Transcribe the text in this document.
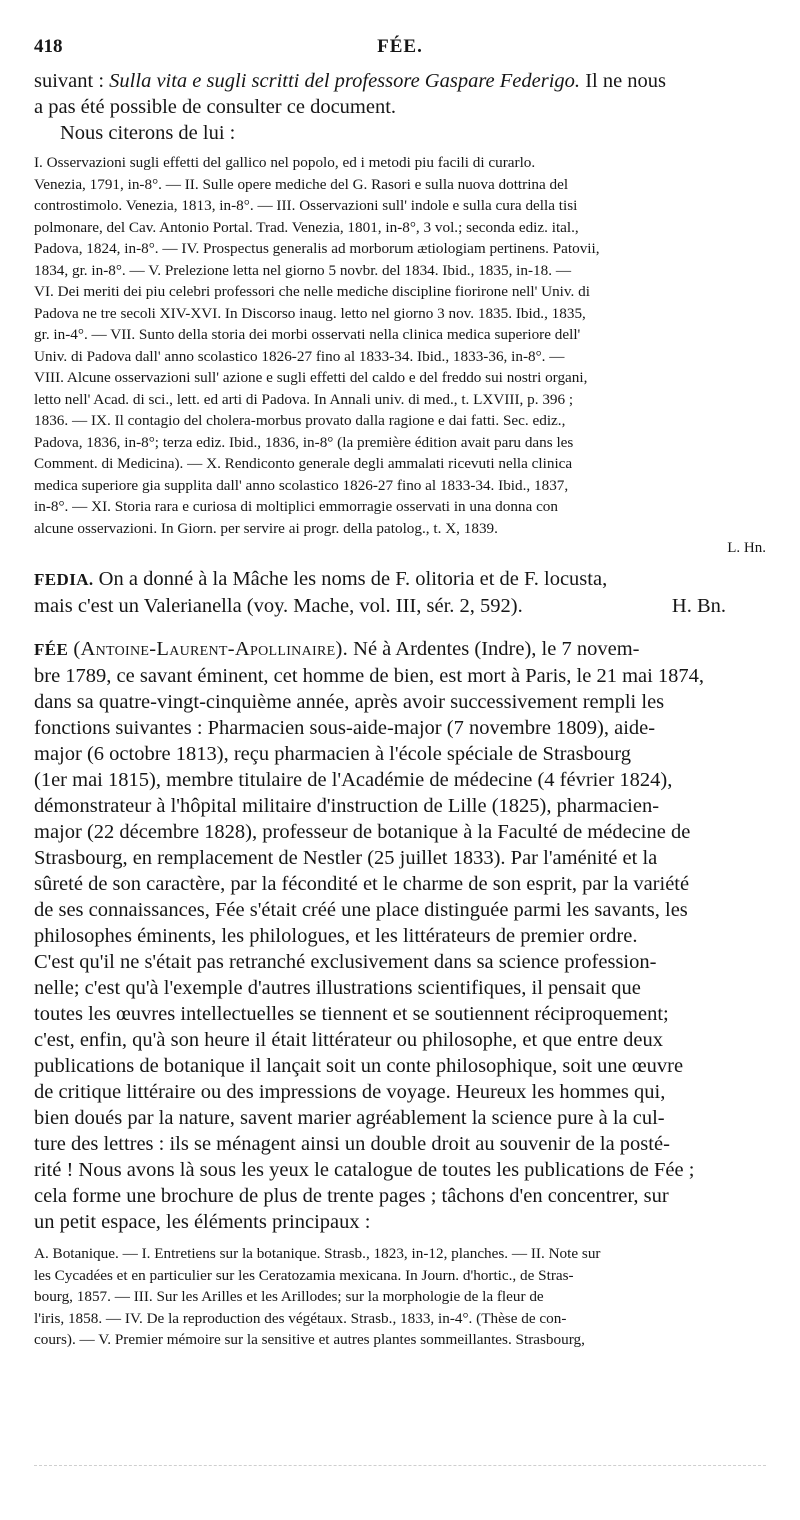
418	FÉE.
suivant : Sulla vita e sugli scritti del professore Gaspare Federigo. Il ne nous
a pas été possible de consulter ce document.
Nous citerons de lui :
I. Osservazioni sugli effetti del gallico nel popolo, ed i metodi piu facili di curarlo.
Venezia, 1791, in-8°. — II. Sulle opere mediche del G. Rasori e sulla nuova dottrina del
controstimolo. Venezia, 1813, in-8°. — III. Osservazioni sull' indole e sulla cura della tisi
polmonare, del Cav. Antonio Portal. Trad. Venezia, 1801, in-8°, 3 vol.; seconda ediz. ital.,
Padova, 1824, in-8°. — IV. Prospectus generalis ad morborum ætiologiam pertinens. Patovii,
1834, gr. in-8°. — V. Prelezione letta nel giorno 5 novbr. del 1834. Ibid., 1835, in-18. —
VI. Dei meriti dei piu celebri professori che nelle mediche discipline fiorirone nell' Univ. di
Padova ne tre secoli XIV-XVI. In Discorso inaug. letto nel giorno 3 nov. 1835. Ibid., 1835,
gr. in-4°. — VII. Sunto della storia dei morbi osservati nella clinica medica superiore dell'
Univ. di Padova dall' anno scolastico 1826-27 fino al 1833-34. Ibid., 1833-36, in-8°. —
VIII. Alcune osservazioni sull' azione e sugli effetti del caldo e del freddo sui nostri organi,
letto nell' Acad. di sci., lett. ed arti di Padova. In Annali univ. di med., t. LXVIII, p. 396 ;
1836. — IX. Il contagio del cholera-morbus provato dalla ragione e dai fatti. Sec. ediz.,
Padova, 1836, in-8°; terza ediz. Ibid., 1836, in-8° (la première édition avait paru dans les
Comment. di Medicina). — X. Rendiconto generale degli ammalati ricevuti nella clinica
medica superiore gia supplita dall' anno scolastico 1826-27 fino al 1833-34. Ibid., 1837,
in-8°. — XI. Storia rara e curiosa di moltiplici emmorragie osservati in una donna con
alcune osservazioni. In Giorn. per servire ai progr. della patolog., t. X, 1839.
L. Hn.
FEDIA. On a donné à la Mâche les noms de F. olitoria et de F. locusta,
mais c'est un Valerianella (voy. Mache, vol. III, sér. 2, 592).	H. Bn.
FÉE (Antoine-Laurent-Apollinaire). Né à Ardentes (Indre), le 7 novem-
bre 1789, ce savant éminent, cet homme de bien, est mort à Paris, le 21 mai 1874,
dans sa quatre-vingt-cinquième année, après avoir successivement rempli les
fonctions suivantes : Pharmacien sous-aide-major (7 novembre 1809), aide-
major (6 octobre 1813), reçu pharmacien à l'école spéciale de Strasbourg
(1er mai 1815), membre titulaire de l'Académie de médecine (4 février 1824),
démonstrateur à l'hôpital militaire d'instruction de Lille (1825), pharmacien-
major (22 décembre 1828), professeur de botanique à la Faculté de médecine de
Strasbourg, en remplacement de Nestler (25 juillet 1833). Par l'aménité et la
sûreté de son caractère, par la fécondité et le charme de son esprit, par la variété
de ses connaissances, Fée s'était créé une place distinguée parmi les savants, les
philosophes éminents, les philologues, et les littérateurs de premier ordre.
C'est qu'il ne s'était pas retranché exclusivement dans sa science profession-
nelle; c'est qu'à l'exemple d'autres illustrations scientifiques, il pensait que
toutes les œuvres intellectuelles se tiennent et se soutiennent réciproquement;
c'est, enfin, qu'à son heure il était littérateur ou philosophe, et que entre deux
publications de botanique il lançait soit un conte philosophique, soit une œuvre
de critique littéraire ou des impressions de voyage. Heureux les hommes qui,
bien doués par la nature, savent marier agréablement la science pure à la cul-
ture des lettres : ils se ménagent ainsi un double droit au souvenir de la posté-
rité ! Nous avons là sous les yeux le catalogue de toutes les publications de Fée ;
cela forme une brochure de plus de trente pages ; tâchons d'en concentrer, sur
un petit espace, les éléments principaux :
A. Botanique. — I. Entretiens sur la botanique. Strasb., 1823, in-12, planches. — II. Note sur
les Cycadées et en particulier sur les Ceratozamia mexicana. In Journ. d'hortic., de Stras-
bourg, 1857. — III. Sur les Arilles et les Arillodes; sur la morphologie de la fleur de
l'iris, 1858. — IV. De la reproduction des végétaux. Strasb., 1833, in-4°. (Thèse de con-
cours). — V. Premier mémoire sur la sensitive et autres plantes sommeillantes. Strasbourg,
